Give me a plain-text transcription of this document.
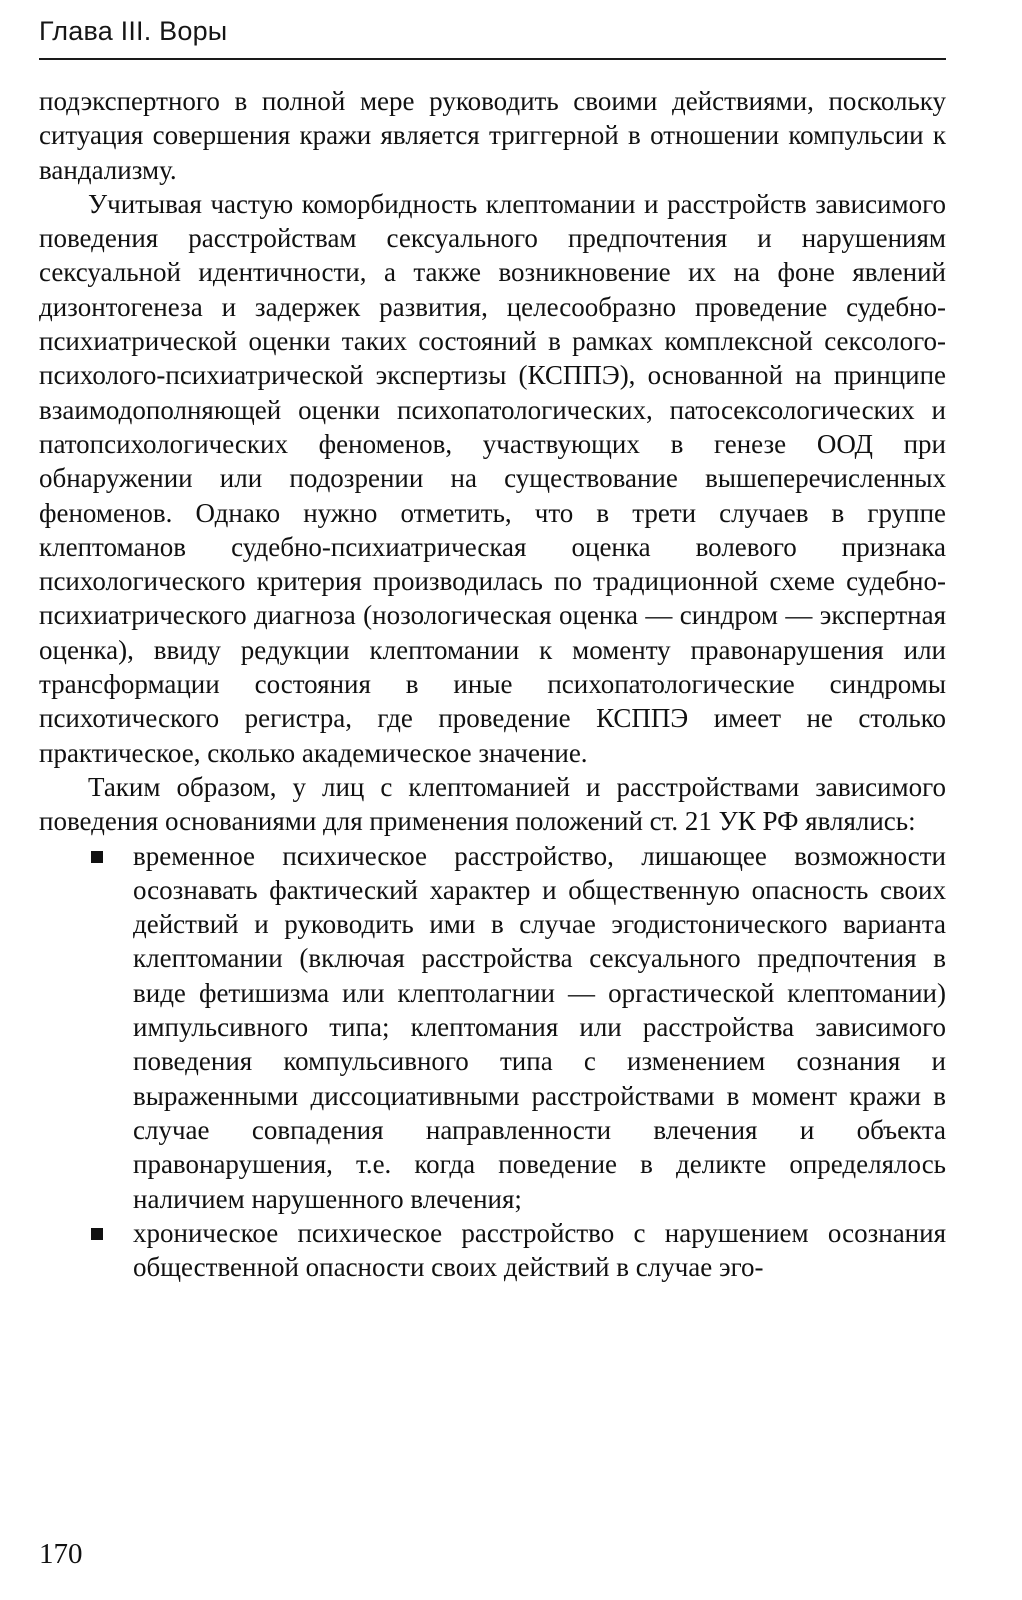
Глава III. Воры

подэкспертного в полной мере руководить своими действиями, поскольку ситуация совершения кражи является триггерной в отношении компульсии к вандализму.

Учитывая частую коморбидность клептомании и расстройств зависимого поведения расстройствам сексуального предпочтения и нарушениям сексуальной идентичности, а также возникновение их на фоне явлений дизонтогенеза и задержек развития, целесообразно проведение судебно-психиатрической оценки таких состояний в рамках комплексной сексолого-психолого-психиатрической экспертизы (КСППЭ), основанной на принципе взаимодополняющей оценки психопатологических, патосексологических и патопсихологических феноменов, участвующих в генезе ООД при обнаружении или подозрении на существование вышеперечисленных феноменов. Однако нужно отметить, что в трети случаев в группе клептоманов судебно-психиатрическая оценка волевого признака психологического критерия производилась по традиционной схеме судебно-психиатрического диагноза (нозологическая оценка — синдром — экспертная оценка), ввиду редукции клептомании к моменту правонарушения или трансформации состояния в иные психопатологические синдромы психотического регистра, где проведение КСППЭ имеет не столько практическое, сколько академическое значение.

Таким образом, у лиц с клептоманией и расстройствами зависимого поведения основаниями для применения положений ст. 21 УК РФ являлись:

временное психическое расстройство, лишающее возможности осознавать фактический характер и общественную опасность своих действий и руководить ими в случае эгодистонического варианта клептомании (включая расстройства сексуального предпочтения в виде фетишизма или клептолагнии — оргастической клептомании) импульсивного типа; клептомания или расстройства зависимого поведения компульсивного типа с изменением сознания и выраженными диссоциативными расстройствами в момент кражи в случае совпадения направленности влечения и объекта правонарушения, т.е. когда поведение в деликте определялось наличием нарушенного влечения;
хроническое психическое расстройство с нарушением осознания общественной опасности своих действий в случае эго-
170
